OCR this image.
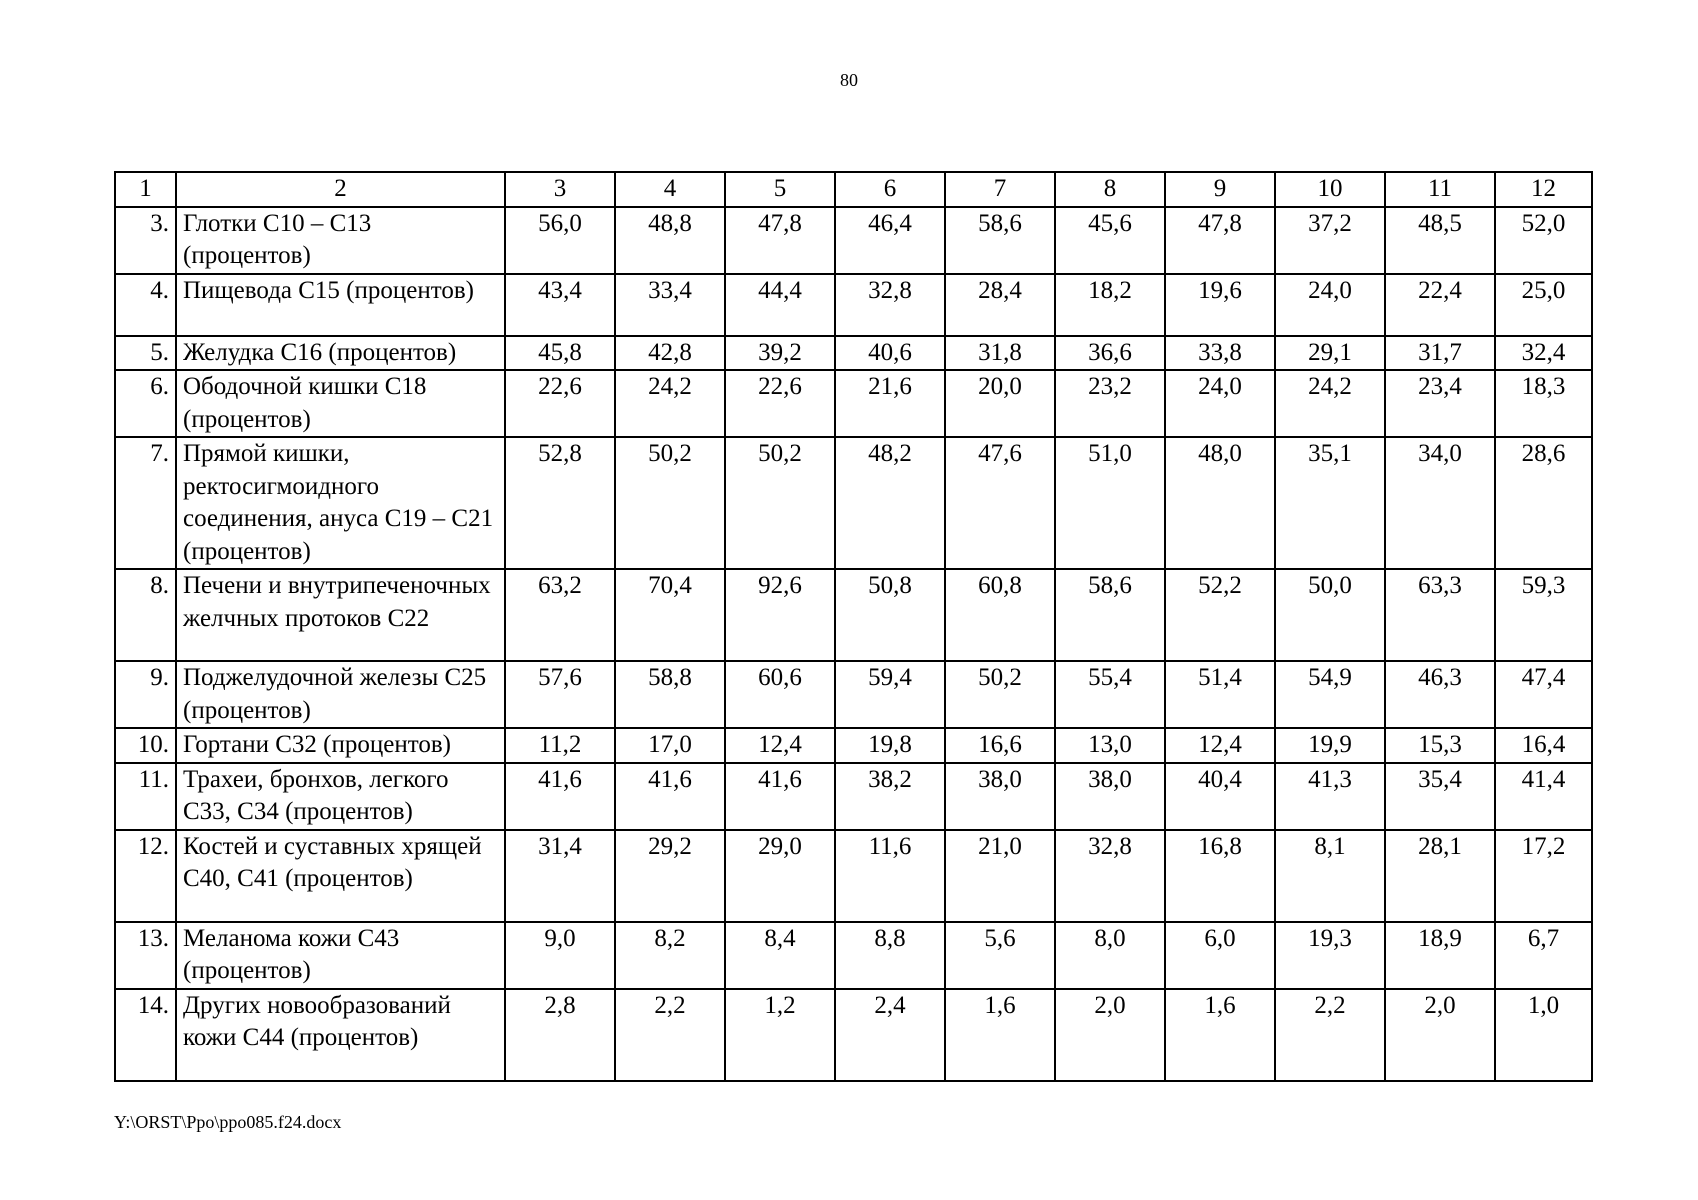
80
1	2	3	4	5	6	7	8	9	10	11	12
3.	Глотки С10 – С13 (процентов)	56,0	48,8	47,8	46,4	58,6	45,6	47,8	37,2	48,5	52,0
4.	Пищевода С15 (процентов)	43,4	33,4	44,4	32,8	28,4	18,2	19,6	24,0	22,4	25,0
5.	Желудка С16 (процентов)	45,8	42,8	39,2	40,6	31,8	36,6	33,8	29,1	31,7	32,4
6.	Ободочной кишки С18 (процентов)	22,6	24,2	22,6	21,6	20,0	23,2	24,0	24,2	23,4	18,3
7.	Прямой кишки, ректосигмоидного соединения, ануса С19 – С21 (процентов)	52,8	50,2	50,2	48,2	47,6	51,0	48,0	35,1	34,0	28,6
8.	Печени и внутрипеченочных желчных протоков С22	63,2	70,4	92,6	50,8	60,8	58,6	52,2	50,0	63,3	59,3
9.	Поджелудочной железы С25 (процентов)	57,6	58,8	60,6	59,4	50,2	55,4	51,4	54,9	46,3	47,4
10.	Гортани С32 (процентов)	11,2	17,0	12,4	19,8	16,6	13,0	12,4	19,9	15,3	16,4
11.	Трахеи, бронхов, легкого С33, С34 (процентов)	41,6	41,6	41,6	38,2	38,0	38,0	40,4	41,3	35,4	41,4
12.	Костей и суставных хрящей С40, С41 (процентов)	31,4	29,2	29,0	11,6	21,0	32,8	16,8	8,1	28,1	17,2
13.	Меланома кожи С43 (процентов)	9,0	8,2	8,4	8,8	5,6	8,0	6,0	19,3	18,9	6,7
14.	Других новообразований кожи С44 (процентов)	2,8	2,2	1,2	2,4	1,6	2,0	1,6	2,2	2,0	1,0
Y:\ORST\Ppo\ppo085.f24.docx
